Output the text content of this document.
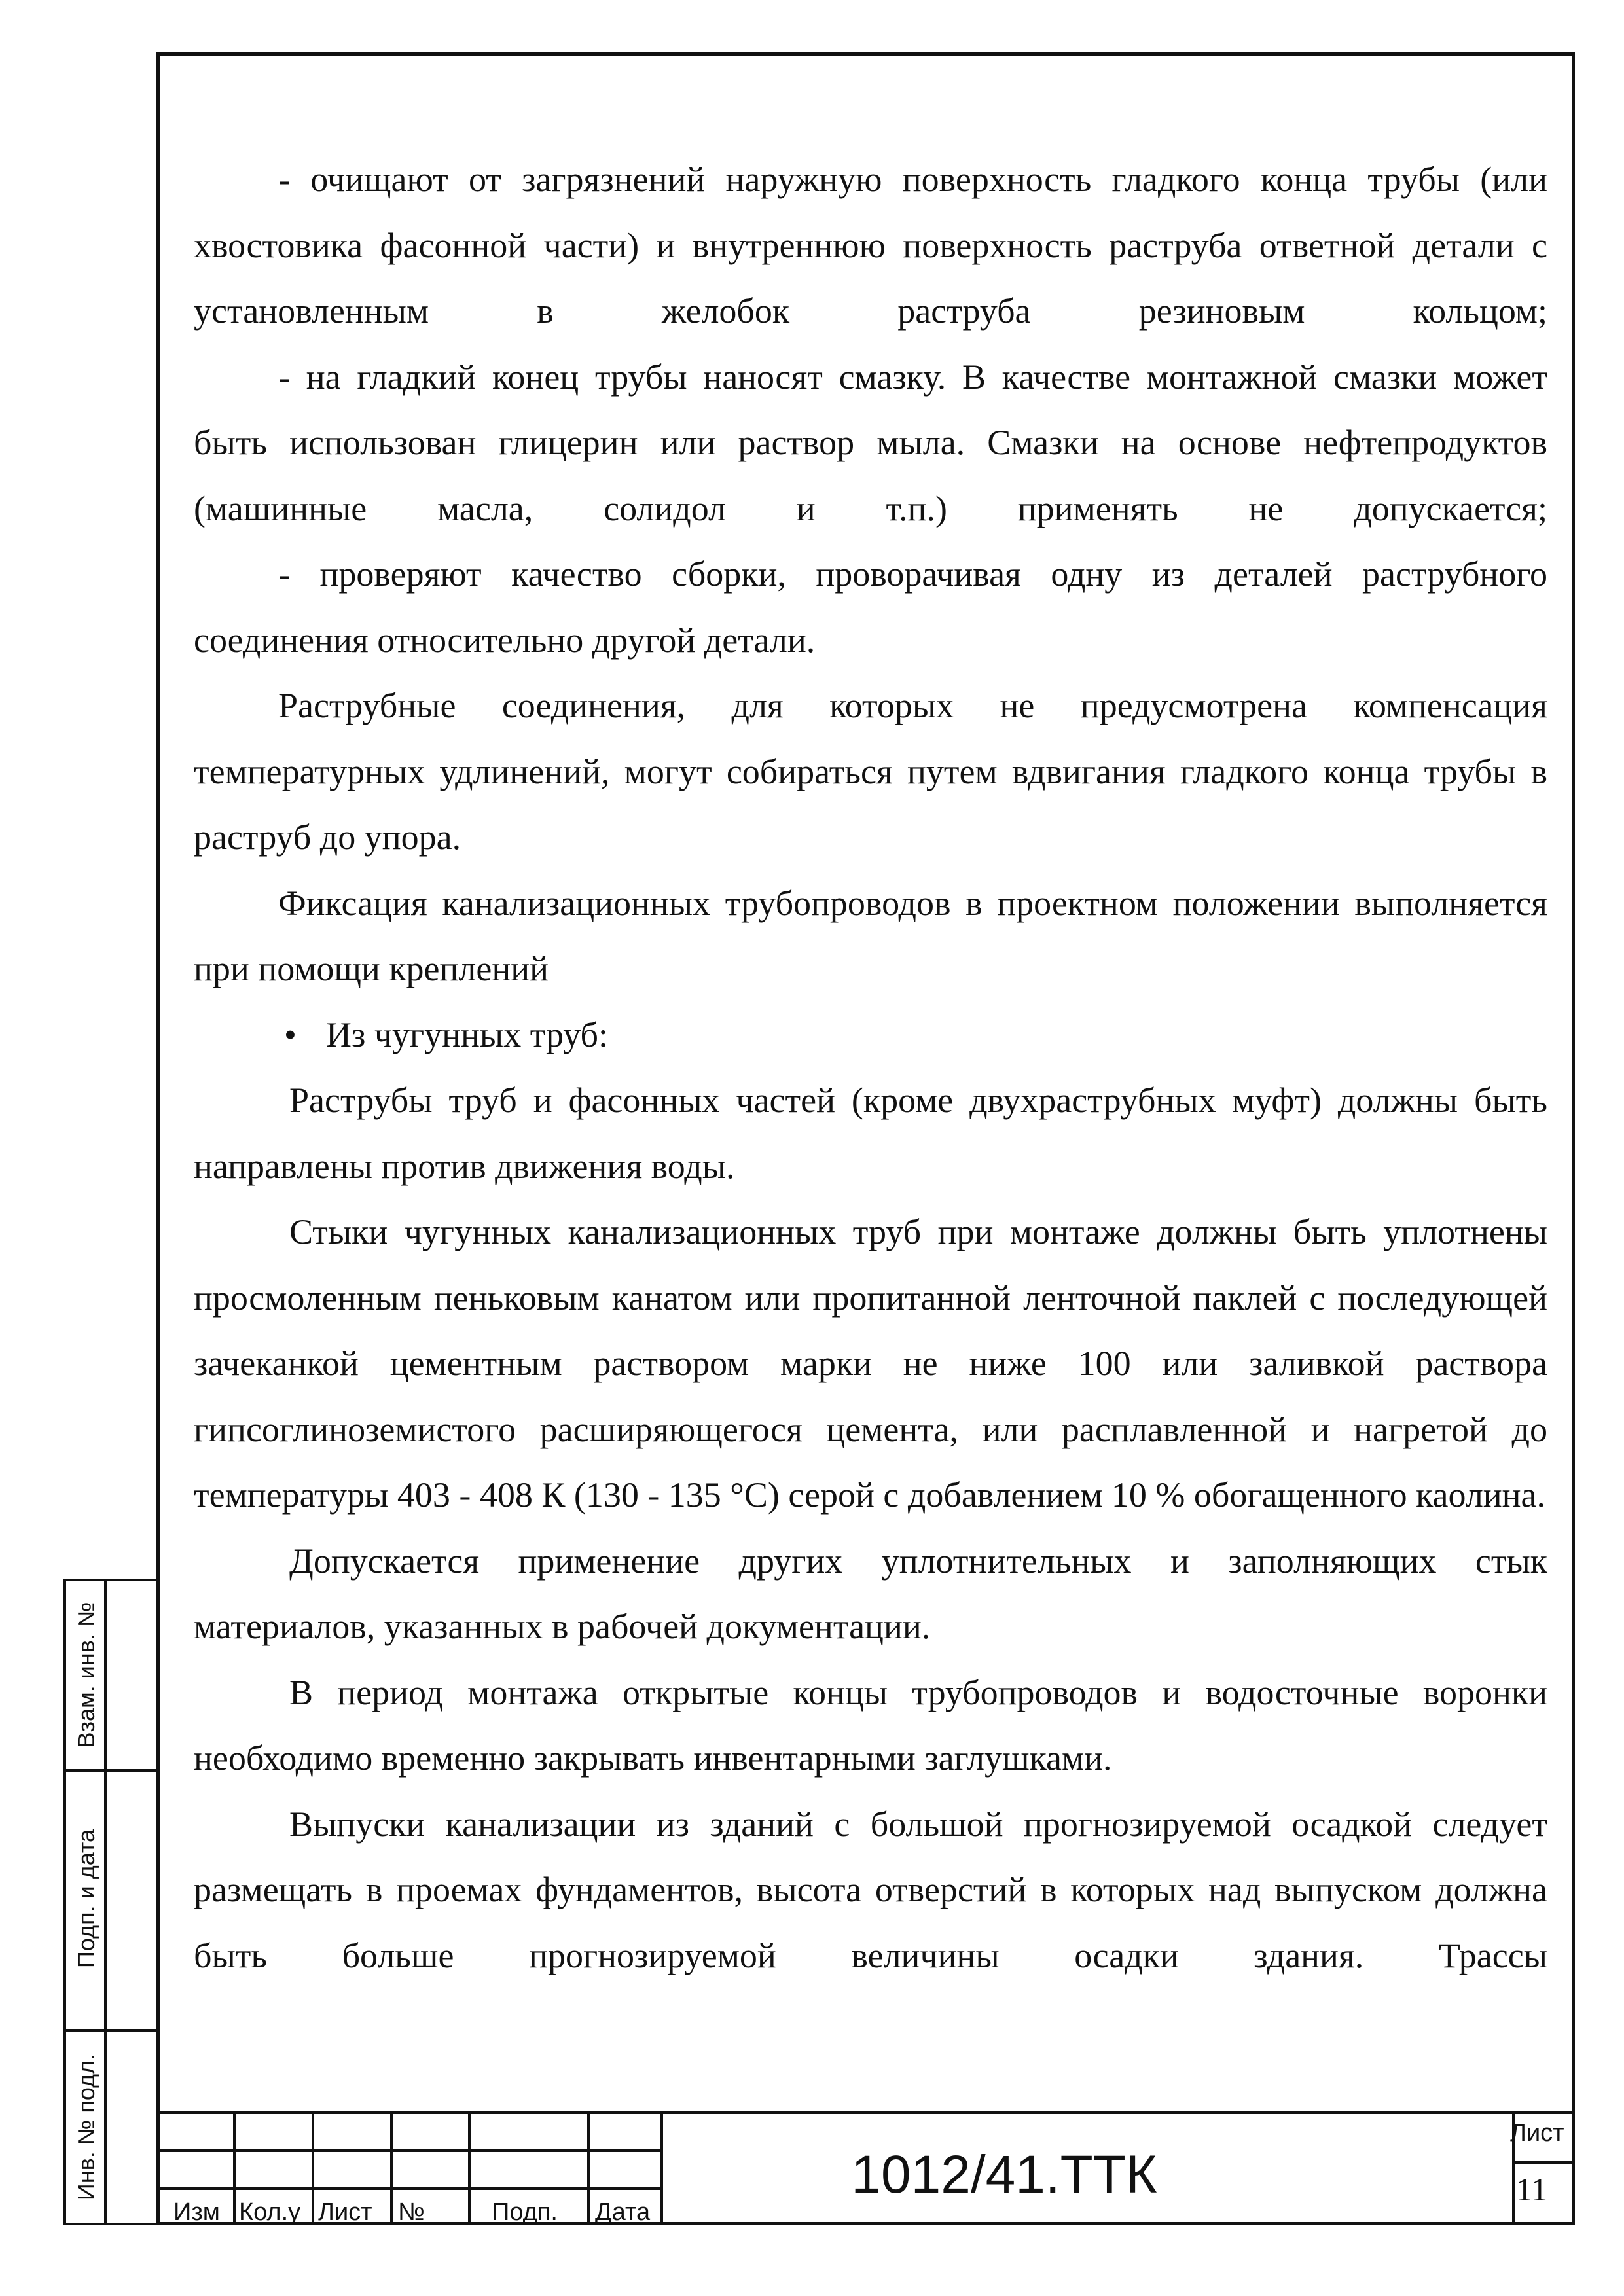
- очищают от загрязнений наружную поверхность гладкого конца трубы (или хвостовика фасонной части) и внутреннюю поверхность раструба ответной детали с установленным в желобок раструба резиновым кольцом;

- на гладкий конец трубы наносят смазку. В качестве монтажной смазки может быть использован глицерин или раствор мыла. Смазки на основе нефтепродуктов (машинные масла, солидол и т.п.) применять не допускается;

- проверяют качество сборки, проворачивая одну из деталей раструбного соединения относительно другой детали.

Раструбные соединения, для которых не предусмотрена компенсация температурных удлинений, могут собираться путем вдвигания гладкого конца трубы в раструб до упора.

Фиксация канализационных трубопроводов в проектном положении выполняется при помощи креплений

• Из чугунных труб:

Раструбы труб и фасонных частей (кроме двухраструбных муфт) должны быть направлены против движения воды.

Стыки чугунных канализационных труб при монтаже должны быть уплотнены просмоленным пеньковым канатом или пропитанной ленточной паклей с последующей зачеканкой цементным раствором марки не ниже 100 или заливкой раствора гипсоглиноземистого расширяющегося цемента, или расплавленной и нагретой до температуры 403 - 408 К (130 - 135 °С) серой с добавлением 10 % обогащенного каолина.

Допускается применение других уплотнительных и заполняющих стык материалов, указанных в рабочей документации.

В период монтажа открытые концы трубопроводов и водосточные воронки необходимо временно закрывать инвентарными заглушками.

Выпуски канализации из зданий с большой прогнозируемой осадкой следует размещать в проемах фундаментов, высота отверстий в которых над выпуском должна быть больше прогнозируемой величины осадки здания. Трассы

Взам. инв. №
Подп. и дата
Инв. № подл.
Изм Кол.у Лист №	Подп. Дата
1012/41.ТТК
Лист
11
